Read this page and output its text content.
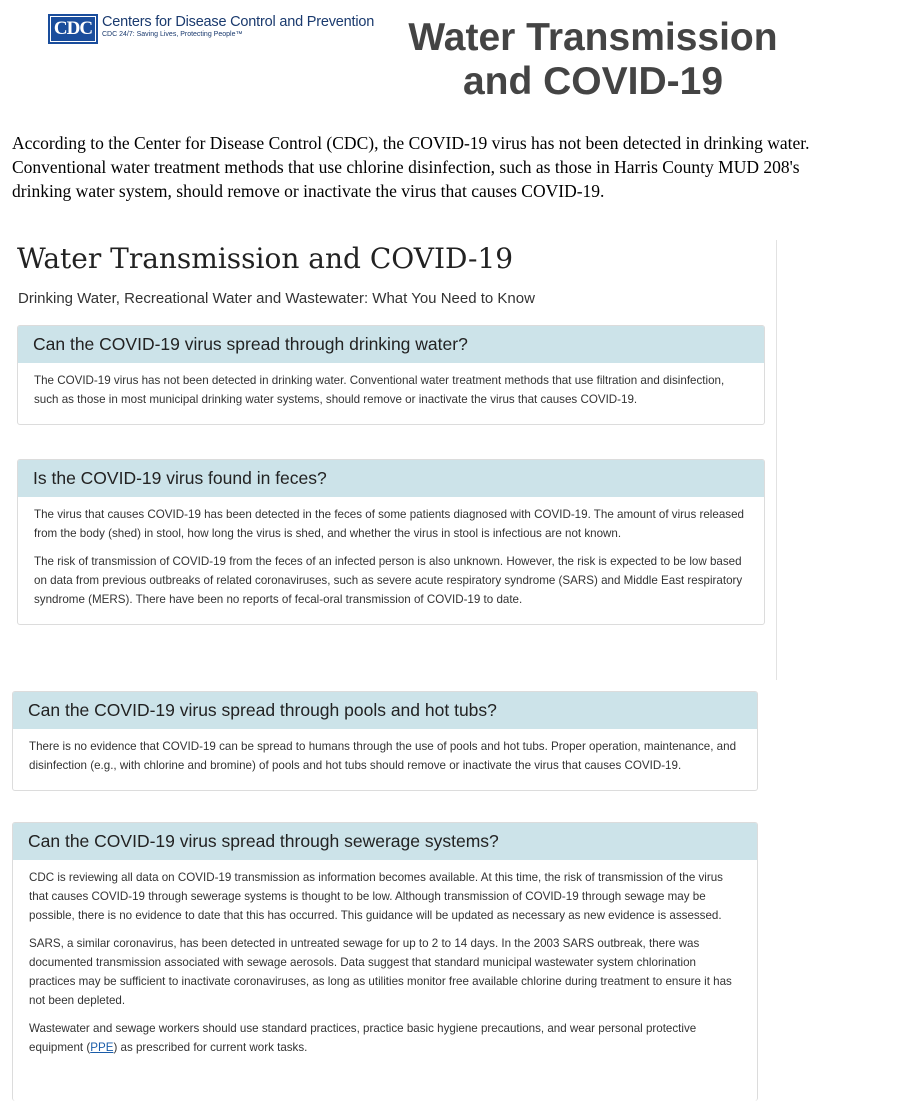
CDC Centers for Disease Control and Prevention
CDC 24/7: Saving Lives, Protecting People™	Water Transmission and COVID-19

According to the Center for Disease Control (CDC), the COVID-19 virus has not been detected in drinking water. Conventional water treatment methods that use chlorine disinfection, such as those in Harris County MUD 208's drinking water system, should remove or inactivate the virus that causes COVID-19.

Water Transmission and COVID-19

Drinking Water, Recreational Water and Wastewater: What You Need to Know

Can the COVID-19 virus spread through drinking water?

The COVID-19 virus has not been detected in drinking water. Conventional water treatment methods that use filtration and disinfection, such as those in most municipal drinking water systems, should remove or inactivate the virus that causes COVID-19.

Is the COVID-19 virus found in feces?

The virus that causes COVID-19 has been detected in the feces of some patients diagnosed with COVID-19. The amount of virus released from the body (shed) in stool, how long the virus is shed, and whether the virus in stool is infectious are not known.

The risk of transmission of COVID-19 from the feces of an infected person is also unknown. However, the risk is expected to be low based on data from previous outbreaks of related coronaviruses, such as severe acute respiratory syndrome (SARS) and Middle East respiratory syndrome (MERS). There have been no reports of fecal-oral transmission of COVID-19 to date.

Can the COVID-19 virus spread through pools and hot tubs?

There is no evidence that COVID-19 can be spread to humans through the use of pools and hot tubs. Proper operation, maintenance, and disinfection (e.g., with chlorine and bromine) of pools and hot tubs should remove or inactivate the virus that causes COVID-19.

Can the COVID-19 virus spread through sewerage systems?

CDC is reviewing all data on COVID-19 transmission as information becomes available. At this time, the risk of transmission of the virus that causes COVID-19 through sewerage systems is thought to be low. Although transmission of COVID-19 through sewage may be possible, there is no evidence to date that this has occurred. This guidance will be updated as necessary as new evidence is assessed.

SARS, a similar coronavirus, has been detected in untreated sewage for up to 2 to 14 days. In the 2003 SARS outbreak, there was documented transmission associated with sewage aerosols. Data suggest that standard municipal wastewater system chlorination practices may be sufficient to inactivate coronaviruses, as long as utilities monitor free available chlorine during treatment to ensure it has not been depleted.

Wastewater and sewage workers should use standard practices, practice basic hygiene precautions, and wear personal protective equipment (PPE) as prescribed for current work tasks.
